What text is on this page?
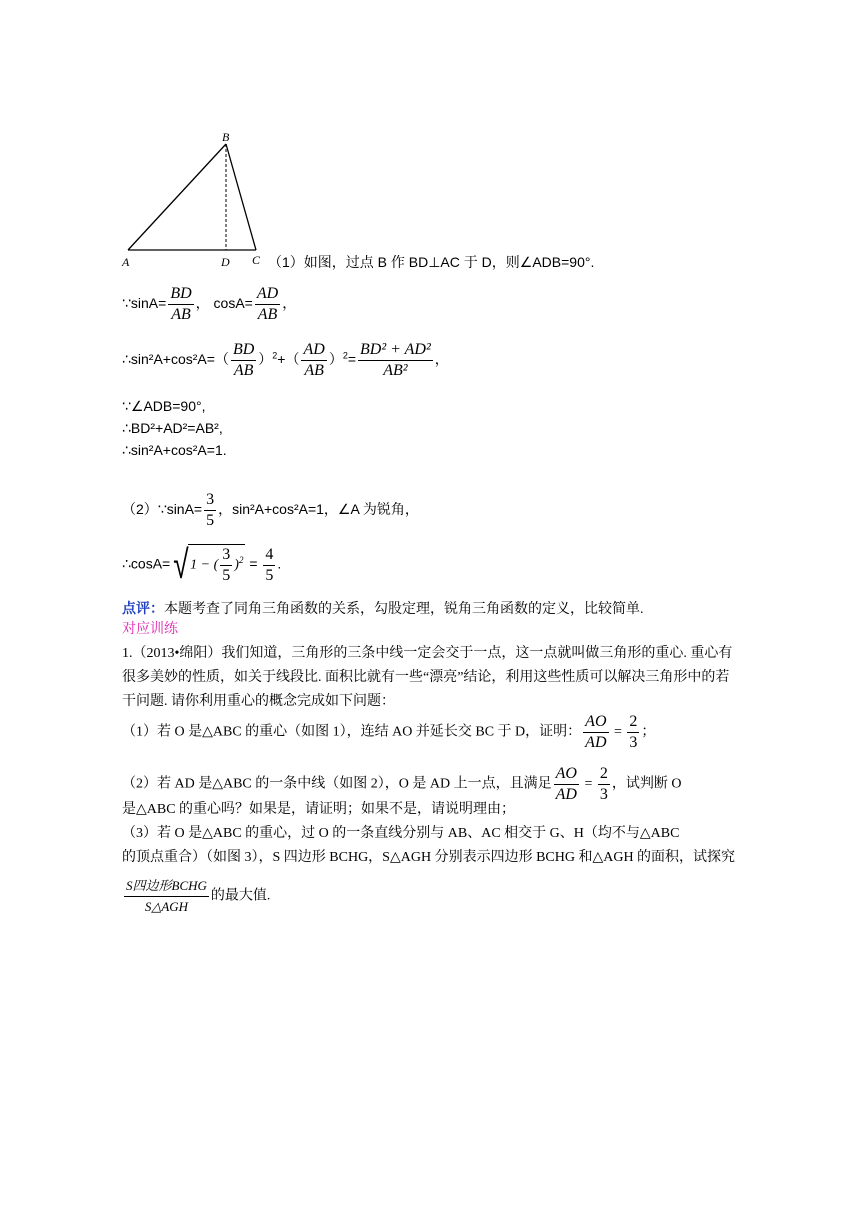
B
A	D C （1）如图，过点 B 作 BD⊥AC 于 D，则∠ADB=90°.
∵sinA= $\frac{BD}{AB}$ ， $\cos A= \frac{AD}{AB}$ ，
∴sin²A+cos²A=（ $\frac{BD}{AB} )^2+( \frac{AD}{AB} )^2= \frac{\text{BD² + AD²}}{\text{AB²}}$ ，
∵∠ADB=90°,
∴BD²+AD²=AB²,
∴sin²A+cos²A=1.
（2）∵sinA= $\frac{3}{5}$ ，sin²A+cos²A=1，∠A 为锐角，
∴cosA=√1 − ( $\frac{3}{5} )^2 = \frac{4}{5}$ .
点评：本题考查了同角三角函数的关系，勾股定理，锐角三角函数的定义，比较简单.
对应训练
1.（2013•绵阳）我们知道，三角形的三条中线一定会交于一点，这一点就叫做三角形的重心. 重心有很多美妙的性质，如关于线段比. 面积比就有一些“漂亮”结论，利用这些性质可以解决三角形中的若干问题. 请你利用重心的概念完成如下问题：
（1）若 O 是△ABC 的重心（如图 1），连结 AO 并延长交 BC 于 D，证明： $\frac{AO}{AD} = \frac{2}{3}$ ；
（2）若 AD 是△ABC 的一条中线（如图 2），O 是 AD 上一点，且满足 $\frac{AO}{AD} = \frac{2}{3}$ ，试判断 O
是△ABC 的重心吗？如果是，请证明；如果不是，请说明理由；
（3）若 O 是△ABC 的重心，过 O 的一条直线分别与 AB、AC 相交于 G、H（均不与△ABC
的顶点重合）（如图 3），S 四边形 BCHG，S△AGH 分别表示四边形 BCHG 和△AGH 的面积，试探究
$\frac{\text{S四边形BCHG}}{\text{S△AGH}}$ 的最大值.
